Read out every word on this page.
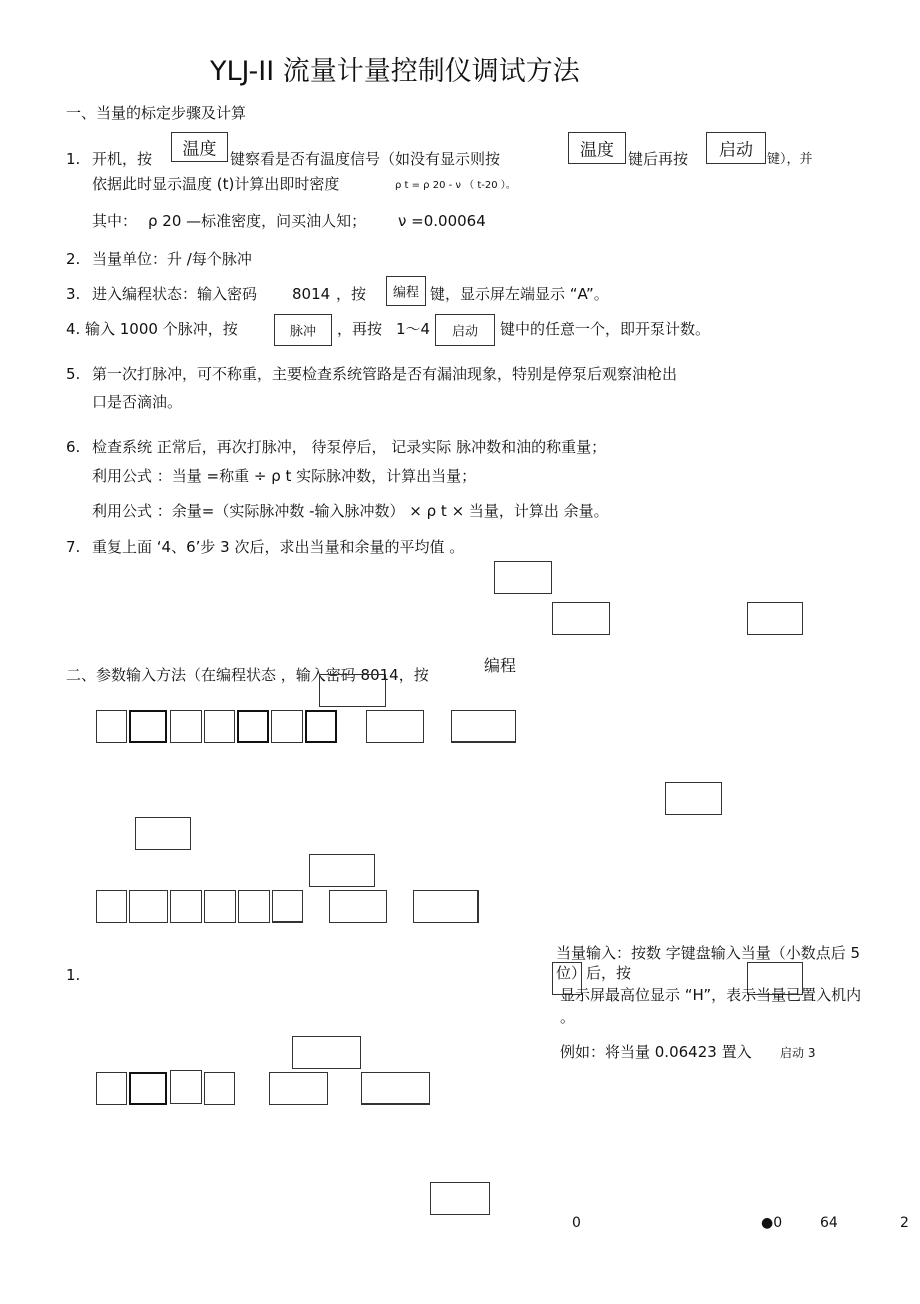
YLJ-II 流量计量控制仪调试方法
一、当量的标定步骤及计算
1. 开机，按	温度 键察看是否有温度信号（如没有显示则按	温度 键后再按	启动	键），并
依据此时显示温度 (t)计算出即时密度	ρ t = ρ 20 - ν （ t-20 ）。
其中： ρ 20 —标准密度，问买油人知； ν =0.00064
2. 当量单位：升 /每个脉冲
3. 进入编程状态：输入密码 8014 ，按	编程 键，显示屏左端显示 “A”。
4. 输入 1000 个脉冲，按	脉冲	，再按 1～4	启动	键中的任意一个，即开泵计数。
5. 第一次打脉冲，可不称重，主要检查系统管路是否有漏油现象，特别是停泵后观察油枪出
口是否滴油。
6. 检查系统 正常后，再次打脉冲， 待泵停后， 记录实际 脉冲数和油的称重量；
利用公式 ：当量 =称重 ÷ ρ t 实际脉冲数，计算出当量；
利用公式 ：余量=（实际脉冲数 -输入脉冲数） × ρ t × 当量，计算出 余量。
7. 重复上面 ‘4、6’步 3 次后，求出当量和余量的平均值 。
二、参数输入方法（在编程状态 ，输入密码 8014，按	编程
1.
当量输入：按数 字键盘输入当量（小数点后 5
位）后，按
显示屏最高位显示 “H”，表示当量已置入机内
。
例如：将当量 0.06423 置入 启动 3
0	●0	64	2
